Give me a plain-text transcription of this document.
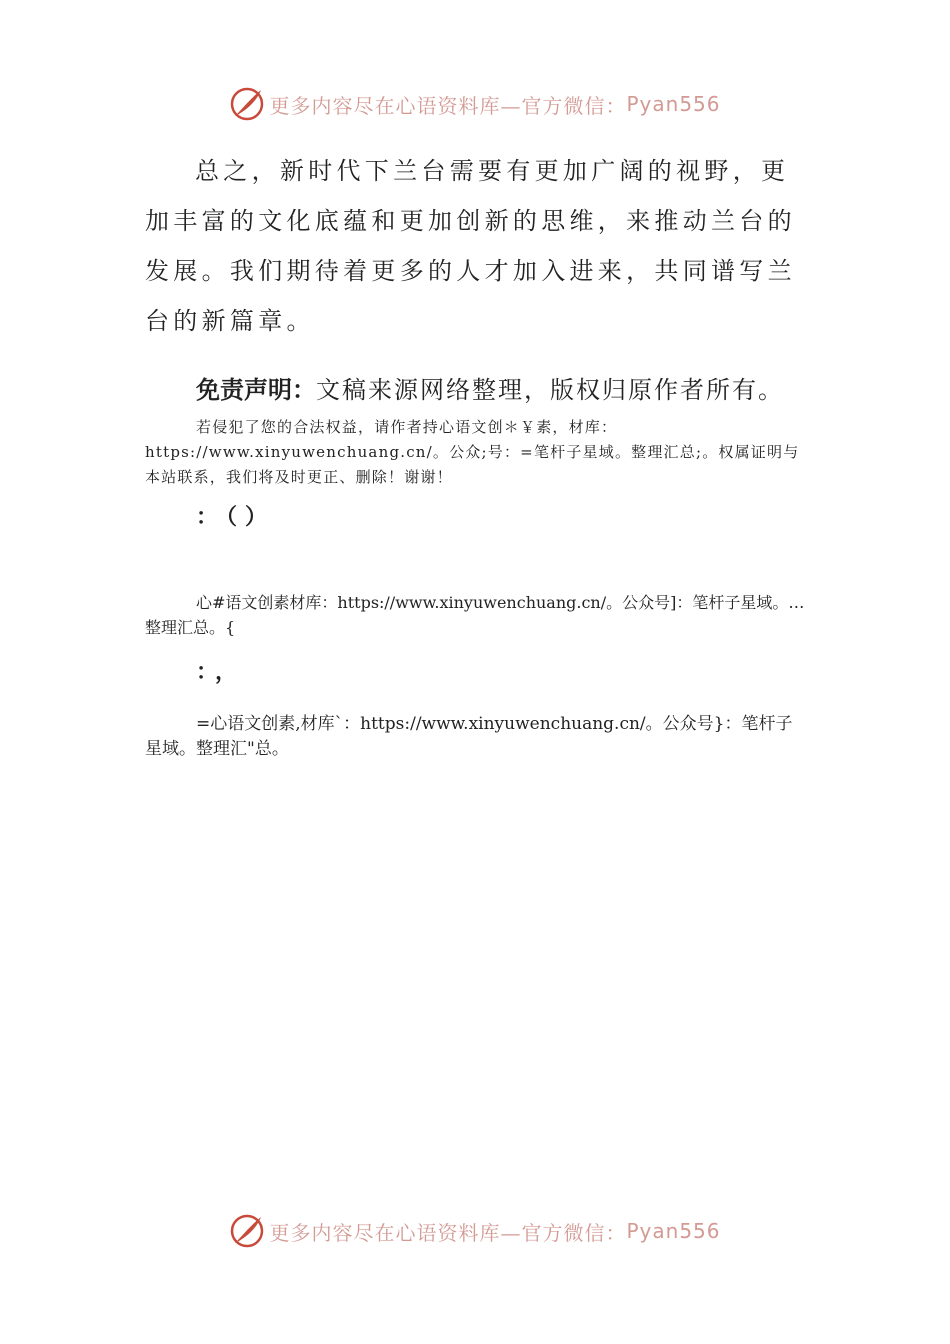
更多内容尽在心语资料库—官方微信： Pyan556

总之，新时代下兰台需要有更加广阔的视野，更加丰富的文化底蕴和更加创新的思维，来推动兰台的发展。我们期待着更多的人才加入进来，共同谱写兰台的新篇章。

免责声明：文稿来源网络整理，版权归原作者所有。

若侵犯了您的合法权益，请作者持心语文创＊￥素，材库：https://www.xinyuwenchuang.cn/。公众;号：=笔杆子星域。整理汇总;。权属证明与本站联系，我们将及时更正、删除！谢谢！

：（）

心#语文创素材库：https://www.xinyuwenchuang.cn/。公众号]：笔杆子星域。…整理汇总。{

：，

=心语文创素,材库`：https://www.xinyuwenchuang.cn/。公众号}：笔杆子星域。整理汇"总。

更多内容尽在心语资料库—官方微信： Pyan556
